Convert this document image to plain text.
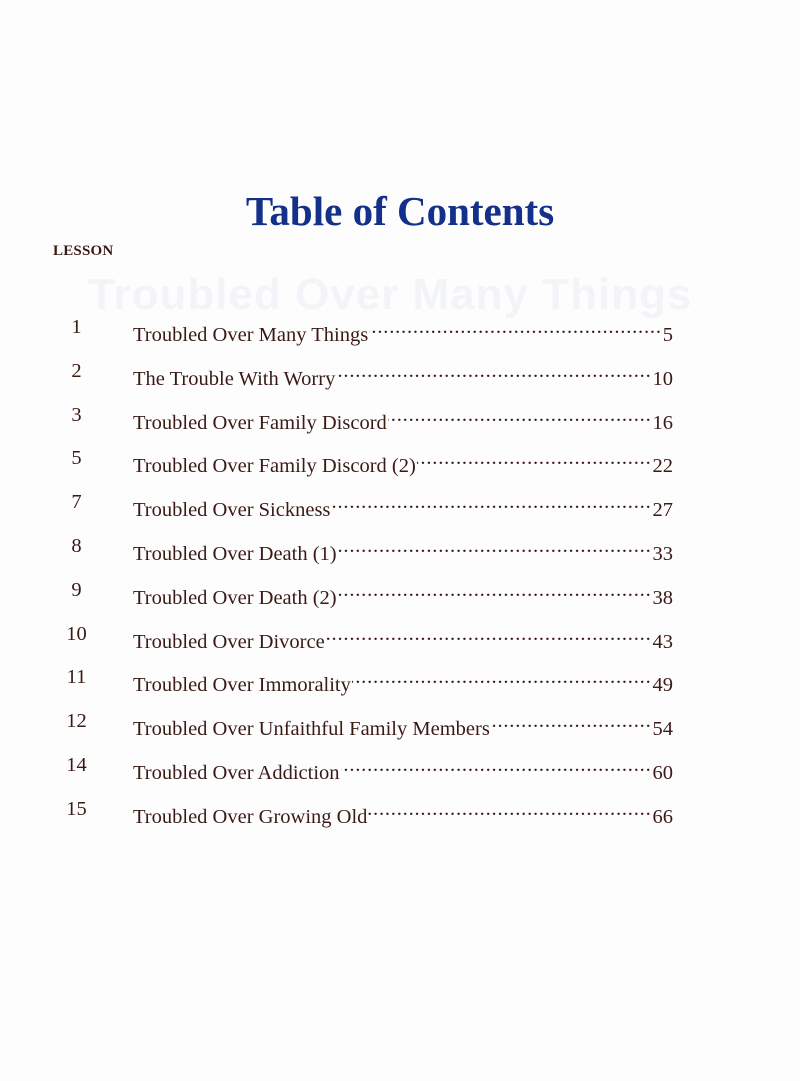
Troubled Over Many Things
Table of Contents
LESSON
1	Troubled Over Many Things .....	5
2	The Trouble With Worry .....	10
3	Troubled Over Family Discord .....	16
5	Troubled Over Family Discord (2) .....	22
7	Troubled Over Sickness .....	27
8	Troubled Over Death (1) .....	33
9	Troubled Over Death (2) .....	38
10	Troubled Over Divorce .....	43
11	Troubled Over Immorality .....	49
12	Troubled Over Unfaithful Family Members .....	54
14	Troubled Over Addiction .....	60
15	Troubled Over Growing Old .....	66
